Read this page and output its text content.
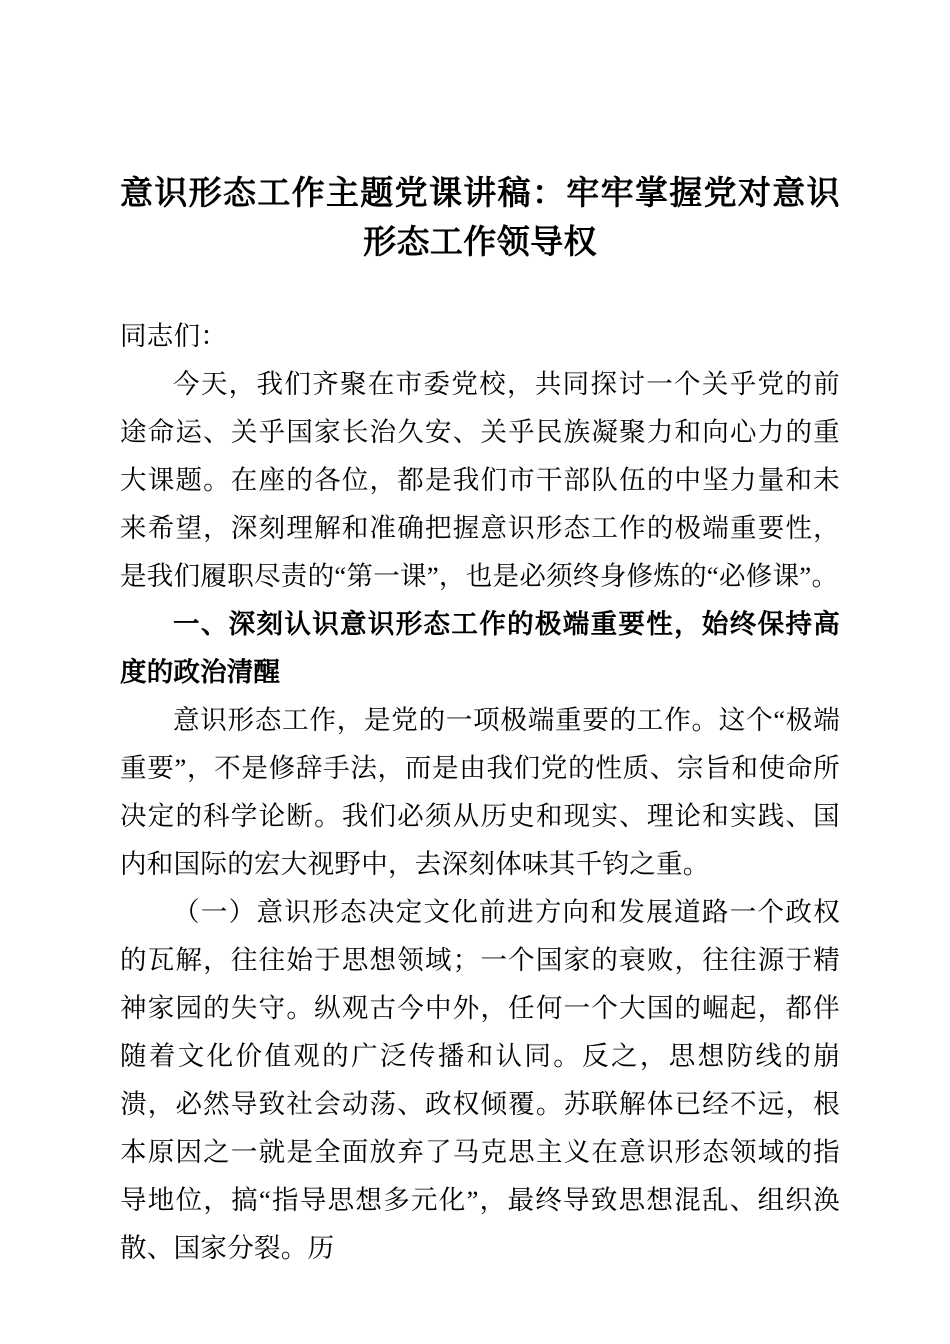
意识形态工作主题党课讲稿：牢牢掌握党对意识形态工作领导权

同志们：

今天，我们齐聚在市委党校，共同探讨一个关乎党的前途命运、关乎国家长治久安、关乎民族凝聚力和向心力的重大课题。在座的各位，都是我们市干部队伍的中坚力量和未来希望，深刻理解和准确把握意识形态工作的极端重要性，是我们履职尽责的“第一课”，也是必须终身修炼的“必修课”。

一、深刻认识意识形态工作的极端重要性，始终保持高度的政治清醒

意识形态工作，是党的一项极端重要的工作。这个“极端重要”，不是修辞手法，而是由我们党的性质、宗旨和使命所决定的科学论断。我们必须从历史和现实、理论和实践、国内和国际的宏大视野中，去深刻体味其千钧之重。

（一）意识形态决定文化前进方向和发展道路一个政权的瓦解，往往始于思想领域；一个国家的衰败，往往源于精神家园的失守。纵观古今中外，任何一个大国的崛起，都伴随着文化价值观的广泛传播和认同。反之，思想防线的崩溃，必然导致社会动荡、政权倾覆。苏联解体已经不远，根本原因之一就是全面放弃了马克思主义在意识形态领域的指导地位，搞“指导思想多元化”，最终导致思想混乱、组织涣散、国家分裂。历
